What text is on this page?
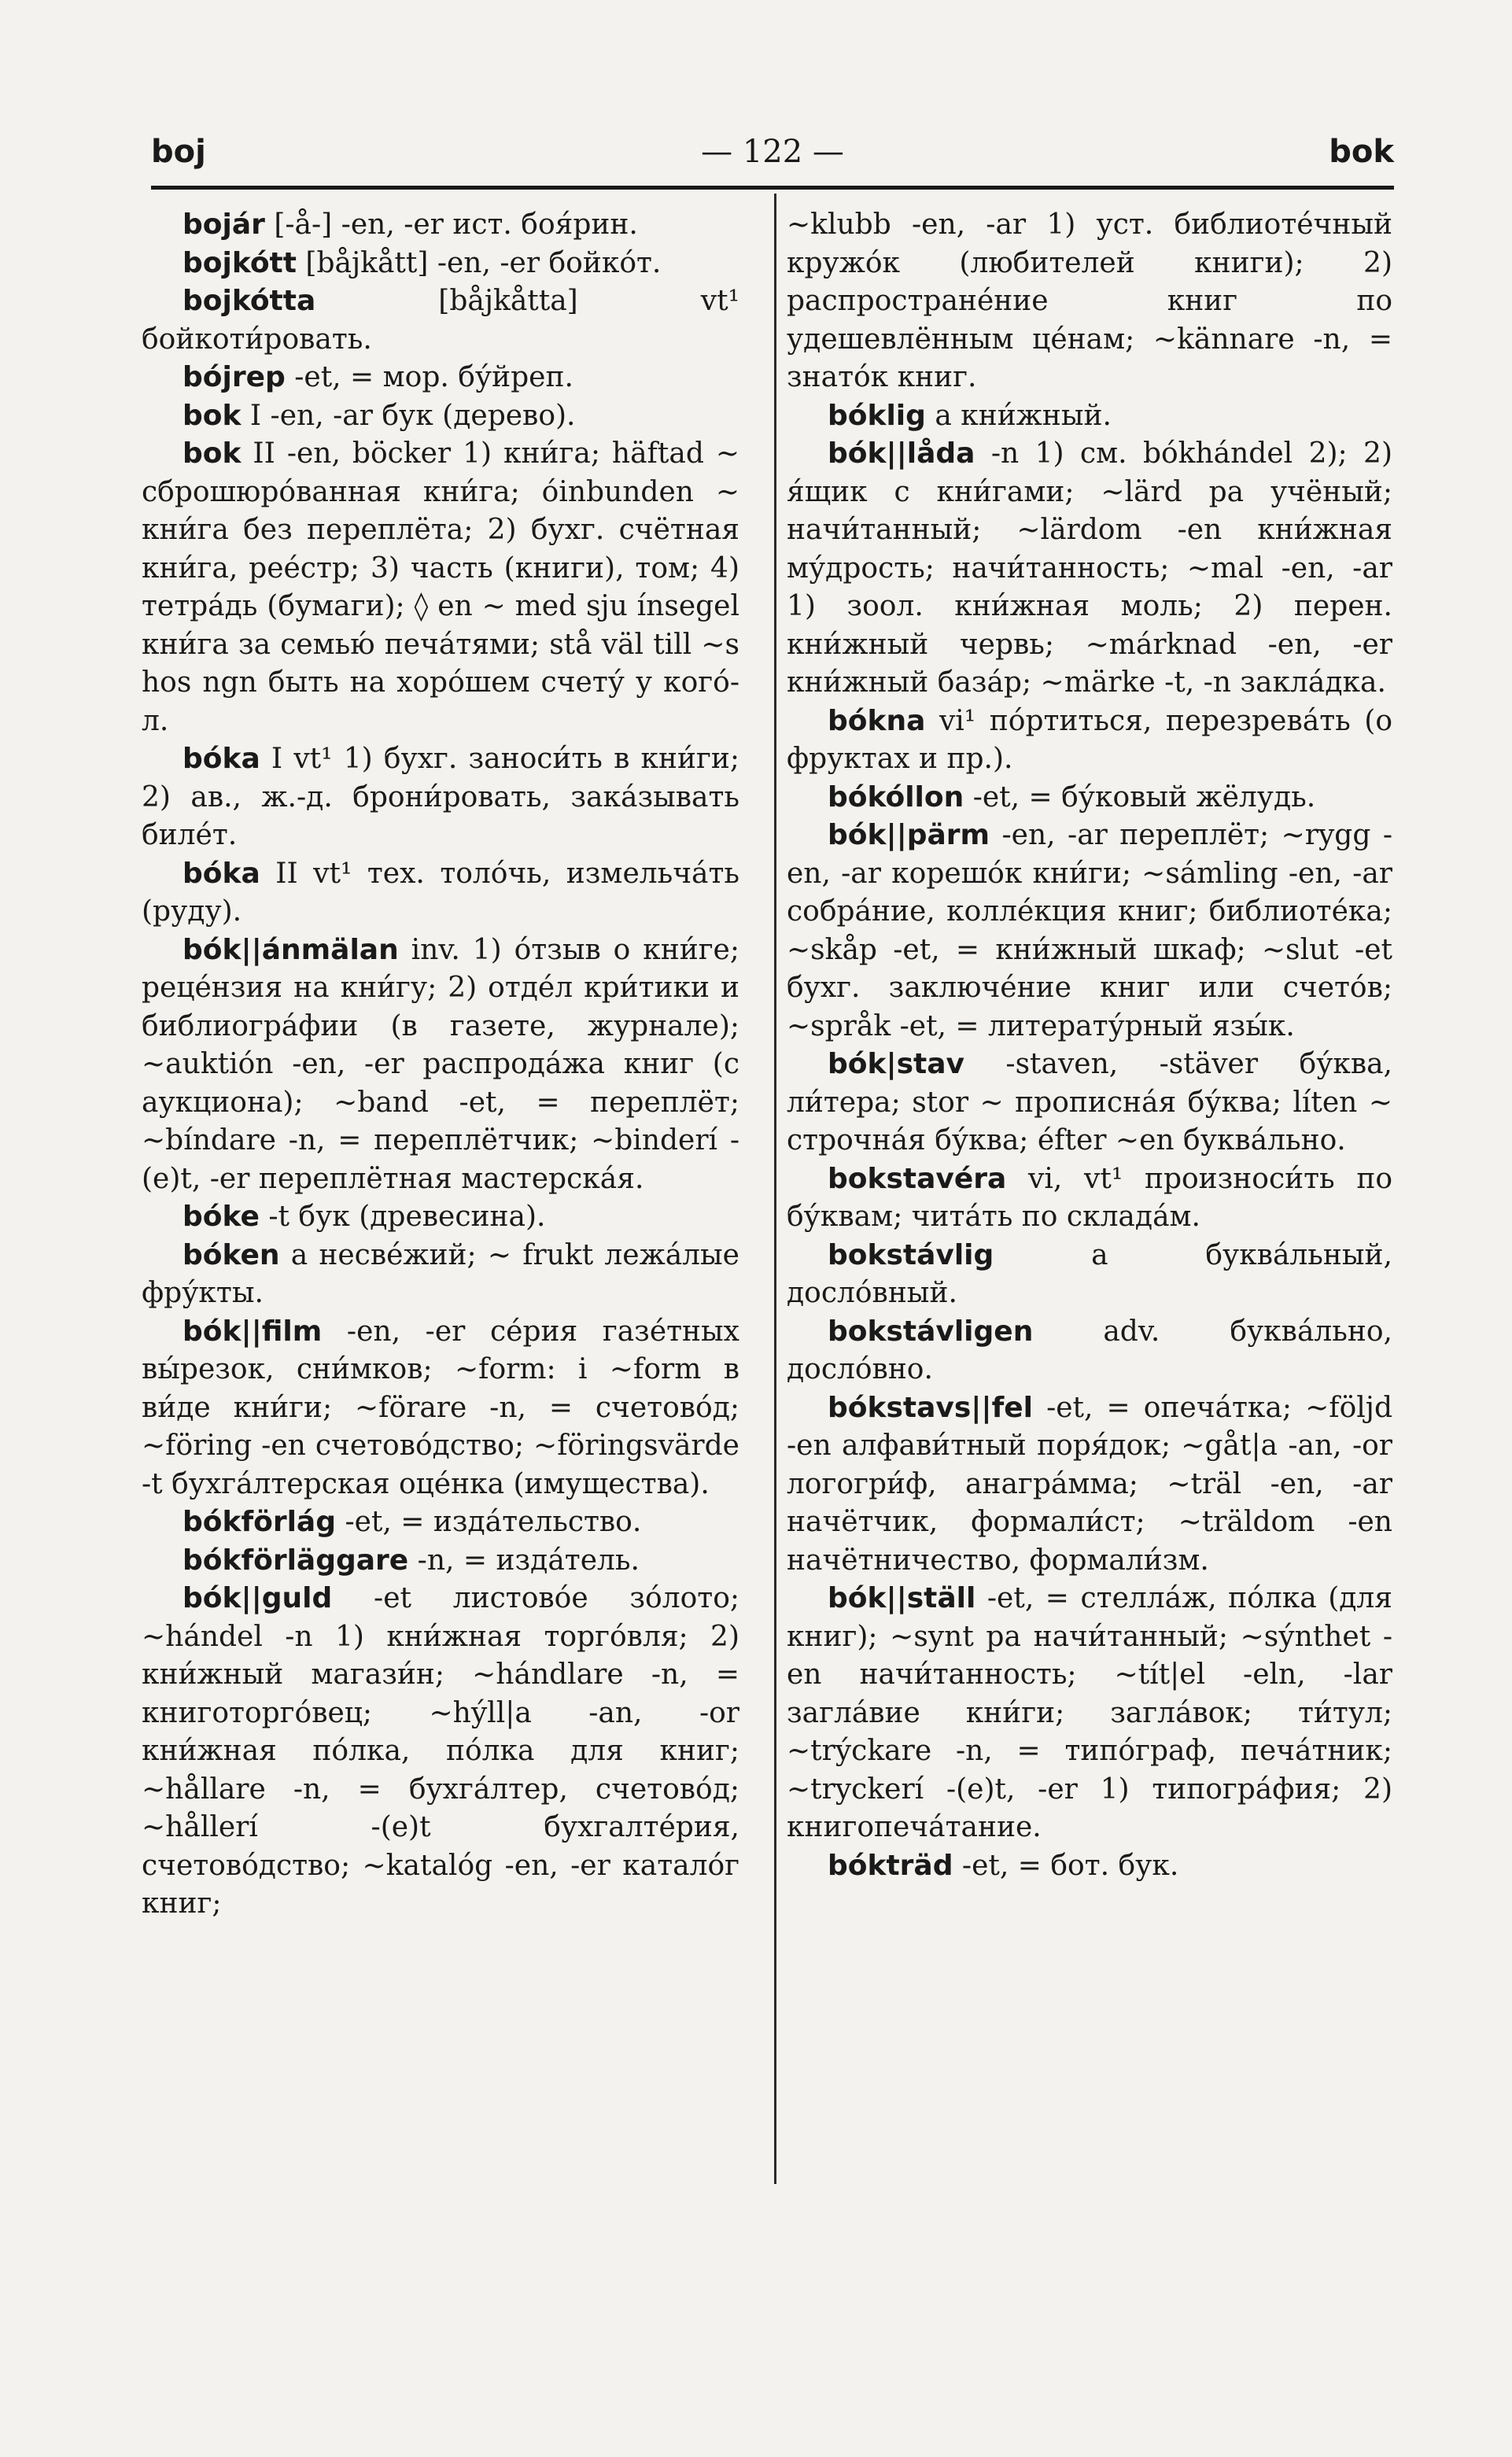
boj	— 122 —	bok

bojár [-å-] -en, -er ист. боя́рин.

bojkótt [båjkått] -en, -er бойко́т.

bojkótta [båjkåtta] vt¹ бойкоти́ровать.

bójrep -et, = мор. бу́йреп.

bok I -en, -ar бук (дерево).

bok II -en, böcker 1) кни́га; häftad ~ сброшюро́ванная кни́га; óinbunden ~ кни́га без переплёта; 2) бухг. счётная кни́га, рее́стр; 3) часть (книги), том; 4) тетра́дь (бумаги); ◊ en ~ med sju ínsegel кни́га за семью́ печа́тями; stå väl till ~s hos ngn быть на хоро́шем счету́ у кого́-л.

bóka I vt¹ 1) бухг. заноси́ть в кни́ги; 2) ав., ж.-д. брони́ровать, зака́зывать биле́т.

bóka II vt¹ тех. толо́чь, измельча́ть (руду).

bók||ánmälan inv. 1) о́тзыв о кни́ге; реце́нзия на кни́гу; 2) отде́л кри́тики и библиогра́фии (в газете, журнале); ~auktión -en, -er распрода́жа книг (с аукциона); ~band -et, = переплёт; ~bíndare -n, = переплётчик; ~binderí -(e)t, -er переплётная мастерска́я.

bóke -t бук (древесина).

bóken a несве́жий; ~ frukt лежа́лые фру́кты.

bók||film -en, -er се́рия газе́тных вы́резок, сни́мков; ~form: i ~form в ви́де кни́ги; ~förare -n, = счетово́д; ~föring -en счетово́дство; ~föringsvärde -t бухга́лтерская оце́нка (имущества).

bókförlág -et, = изда́тельство.

bókförläggare -n, = изда́тель.

bók||guld -et листово́е зо́лото; ~hándel -n 1) кни́жная торго́вля; 2) кни́жный магази́н; ~hándlare -n, = книготорго́вец; ~hýll|a -an, -or кни́жная по́лка, по́лка для книг; ~hållare -n, = бухга́лтер, счетово́д; ~hållerí -(e)t бухгалте́рия, счетово́дство; ~katalóg -en, -er катало́г книг;

~klubb -en, -ar 1) уст. библиоте́чный кружо́к (любителей книги); 2) распростране́ние книг по удешевлённым це́нам; ~kännare -n, = знато́к книг.

bóklig a кни́жный.

bók||låda -n 1) см. bókhándel 2); 2) я́щик с кни́гами; ~lärd pa учёный; начи́танный; ~lärdom -en кни́жная му́дрость; начи́танность; ~mal -en, -ar 1) зоол. кни́жная моль; 2) перен. кни́жный червь; ~márknad -en, -er кни́жный база́р; ~märke -t, -n закла́дка.

bókna vi¹ по́ртиться, перезрева́ть (о фруктах и пр.).

bókóllon -et, = бу́ковый жёлудь.

bók||pärm -en, -ar переплёт; ~rygg -en, -ar корешо́к кни́ги; ~sámling -en, -ar собра́ние, колле́кция книг; библиоте́ка; ~skåp -et, = кни́жный шкаф; ~slut -et бухг. заключе́ние книг или счето́в; ~språk -et, = литерату́рный язы́к.

bók|stav -staven, -stäver бу́ква, ли́тера; stor ~ прописна́я бу́ква; líten ~ строчна́я бу́ква; éfter ~en буква́льно.

bokstavéra vi, vt¹ произноси́ть по бу́квам; чита́ть по склада́м.

bokstávlig a буква́льный, досло́вный.

bokstávligen adv. буква́льно, досло́вно.

bókstavs||fel -et, = опеча́тка; ~följd -en алфави́тный поря́док; ~gåt|a -an, -or логогри́ф, анагра́мма; ~träl -en, -ar начётчик, формали́ст; ~träldom -en начётничество, формали́зм.

bók||ställ -et, = стелла́ж, по́лка (для книг); ~synt pa начи́танный; ~sýnthet -en начи́танность; ~tít|el -eln, -lar загла́вие кни́ги; загла́вок; ти́тул; ~trýckare -n, = типо́граф, печа́тник; ~tryckerí -(e)t, -er 1) типогра́фия; 2) книгопеча́тание.

bókträd -et, = бот. бук.
